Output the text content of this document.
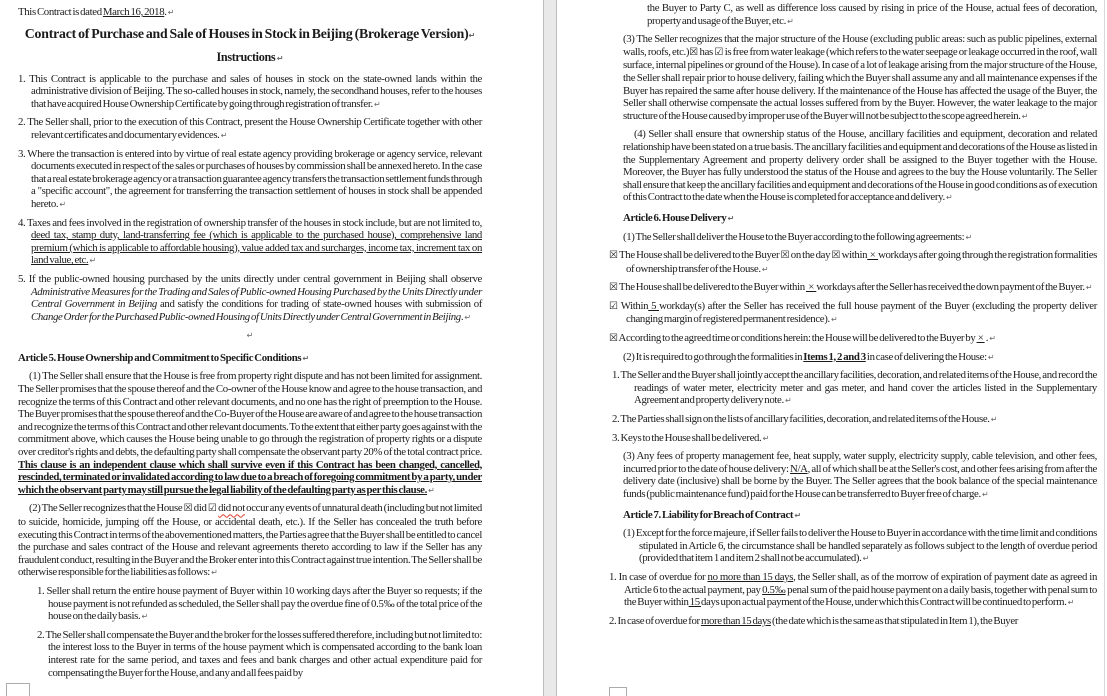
This Contract is dated March 16, 2018. ↵
Contract of Purchase and Sale of Houses in Stock in Beijing (Brokerage Version)↵
Instructions ↵
1. This Contract is applicable to the purchase and sales of houses in stock on the state-owned lands within the administrative division of Beijing. The so-called houses in stock, namely, the secondhand houses, refer to the houses that have acquired House Ownership Certificate by going through registration of transfer. ↵
2. The Seller shall, prior to the execution of this Contract, present the House Ownership Certificate together with other relevant certificates and documentary evidences. ↵
3. Where the transaction is entered into by virtue of real estate agency providing brokerage or agency service, relevant documents executed in respect of the sales or purchases of houses by commission shall be annexed hereto. In the case that a real estate brokerage agency or a transaction guarantee agency transfers the transaction settlement funds through a "specific account", the agreement for transferring the transaction settlement of houses in stock shall be appended hereto. ↵
4. Taxes and fees involved in the registration of ownership transfer of the houses in stock include, but are not limited to, deed tax, stamp duty, land-transferring fee (which is applicable to the purchased house), comprehensive land premium (which is applicable to affordable housing), value added tax and surcharges, income tax, increment tax on land value, etc. ↵
5. If the public-owned housing purchased by the units directly under central government in Beijing shall observe Administrative Measures for the Trading and Sales of Public-owned Housing Purchased by the Units Directly under Central Government in Beijing and satisfy the conditions for trading of state-owned houses with submission of Change Order for the Purchased Public-owned Housing of Units Directly under Central Government in Beijing. ↵
↵
Article 5. House Ownership and Commitment to Specific Conditions ↵
(1) The Seller shall ensure that the House is free from property right dispute and has not been limited for assignment. The Seller promises that the spouse thereof and the Co-owner of the House know and agree to the house transaction, and recognize the terms of this Contract and other relevant documents, and no one has the right of preemption to the House. The Buyer promises that the spouse thereof and the Co-Buyer of the House are aware of and agree to the house transaction and recognize the terms of this Contract and other relevant documents. To the extent that either party goes against with the commitment above, which causes the House being unable to go through the registration of property rights or a dispute over creditor's rights and debts, the defaulting party shall compensate the observant party 20% of the total contract price. This clause is an independent clause which shall survive even if this Contract has been changed, cancelled, rescinded, terminated or invalidated according to law due to a breach of foregoing commitment by a party, under which the observant party may still pursue the legal liability of the defaulting party as per this clause. ↵
(2) The Seller recognizes that the House ☒ did ☑ did not occur any events of unnatural death (including but not limited to suicide, homicide, jumping off the House, or accidental death, etc.). If the Seller has concealed the truth before executing this Contract in terms of the abovementioned matters, the Parties agree that the Buyer shall be entitled to cancel the purchase and sales contract of the House and relevant agreements thereto according to law if the Seller has any fraudulent conduct, resulting in the Buyer and the Broker enter into this Contract against true intention. The Seller shall be otherwise responsible for the liabilities as follows: ↵
1. Seller shall return the entire house payment of Buyer within 10 working days after the Buyer so requests; if the house payment is not refunded as scheduled, the Seller shall pay the overdue fine of 0.5‰ of the total price of the house on the daily basis. ↵
2. The Seller shall compensate the Buyer and the broker for the losses suffered therefore, including but not limited to: the interest loss to the Buyer in terms of the house payment which is compensated according to the bank loan interest rate for the same period, and taxes and fees and bank charges and other actual expenditure paid for compensating the Buyer for the House, and any and all fees paid by
the Buyer to Party C, as well as difference loss caused by rising in price of the House, actual fees of decoration, property and usage of the Buyer, etc. ↵
(3) The Seller recognizes that the major structure of the House (excluding public areas: such as public pipelines, external walls, roofs, etc.)☒ has ☑ is free from water leakage (which refers to the water seepage or leakage occurred in the roof, wall surface, internal pipelines or ground of the House). In case of a lot of leakage arising from the major structure of the House, the Seller shall repair prior to house delivery, failing which the Buyer shall assume any and all maintenance expenses if the Buyer has repaired the same after house delivery. If the maintenance of the House has affected the usage of the Buyer, the Seller shall otherwise compensate the actual losses suffered from by the Buyer. However, the water leakage to the major structure of the House caused by improper use of the Buyer will not be subject to the scope agreed herein. ↵
(4) Seller shall ensure that ownership status of the House, ancillary facilities and equipment, decoration and related relationship have been stated on a true basis. The ancillary facilities and equipment and decorations of the House as listed in the Supplementary Agreement and property delivery order shall be assigned to the Buyer together with the House. Moreover, the Buyer has fully understood the status of the House and agrees to the buy the House voluntarily. The Seller shall ensure that keep the ancillary facilities and equipment and decorations of the House in good conditions as of execution of this Contract to the date when the House is completed for acceptance and delivery. ↵
Article 6. House Delivery ↵
(1) The Seller shall deliver the House to the Buyer according to the following agreements: ↵
☒ The House shall be delivered to the Buyer ☒ on the day ☒ within  ×  workdays after going through the registration formalities of ownership transfer of the House. ↵
☒ The House shall be delivered to the Buyer within   ×  workdays after the Seller has received the down payment of the Buyer. ↵
☑ Within 5 workday(s) after the Seller has received the full house payment of the Buyer (excluding the property deliver changing margin of registered permanent residence). ↵
☒ According to the agreed time or conditions herein: the House will be delivered to the Buyer by  ×  . ↵
(2) It is required to go through the formalities in Items 1, 2 and 3 in case of delivering the House: ↵
1. The Seller and the Buyer shall jointly accept the ancillary facilities, decoration, and related items of the House, and record the readings of water meter, electricity meter and gas meter, and hand cover the articles listed in the Supplementary Agreement and property delivery note. ↵
2. The Parties shall sign on the lists of ancillary facilities, decoration, and related items of the House. ↵
3. Keys to the House shall be delivered. ↵
(3) Any fees of property management fee, heat supply, water supply, electricity supply, cable television, and other fees, incurred prior to the date of house delivery: N/A, all of which shall be at the Seller's cost, and other fees arising from after the delivery date (inclusive) shall be borne by the Buyer. The Seller agrees that the book balance of the special maintenance funds (public maintenance fund) paid for the House can be transferred to Buyer free of charge. ↵
Article 7. Liability for Breach of Contract ↵
(1) Except for the force majeure, if Seller fails to deliver the House to Buyer in accordance with the time limit and conditions stipulated in Article 6, the circumstance shall be handled separately as follows subject to the length of overdue period (provided that item 1 and item 2 shall not be accumulated). ↵
1. In case of overdue for no more than 15 days, the Seller shall, as of the morrow of expiration of payment date as agreed in Article 6 to the actual payment, pay 0.5‰ penal sum of the paid house payment on a daily basis, together with penal sum to the Buyer within 15 days upon actual payment of the House, under which this Contract will be continued to perform. ↵
2. In case of overdue for more than 15 days (the date which is the same as that stipulated in Item 1), the Buyer
